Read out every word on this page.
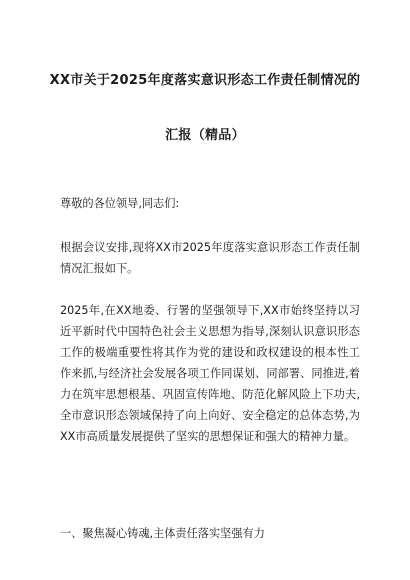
XX市关于2025年度落实意识形态工作责任制情况的
汇报（精品）
尊敬的各位领导,同志们:
根据会议安排,现将XX市2025年度落实意识形态工作责任制情况汇报如下。
2025年,在XX地委、行署的坚强领导下,XX市始终坚持以习近平新时代中国特色社会主义思想为指导,深刻认识意识形态工作的极端重要性将其作为党的建设和政权建设的根本性工作来抓,与经济社会发展各项工作同谋划、同部署、同推进,着力在筑牢思想根基、巩固宣传阵地、防范化解风险上下功夫,全市意识形态领域保持了向上向好、安全稳定的总体态势,为XX市高质量发展提供了坚实的思想保证和强大的精神力量。
一、聚焦凝心铸魂,主体责任落实坚强有力
